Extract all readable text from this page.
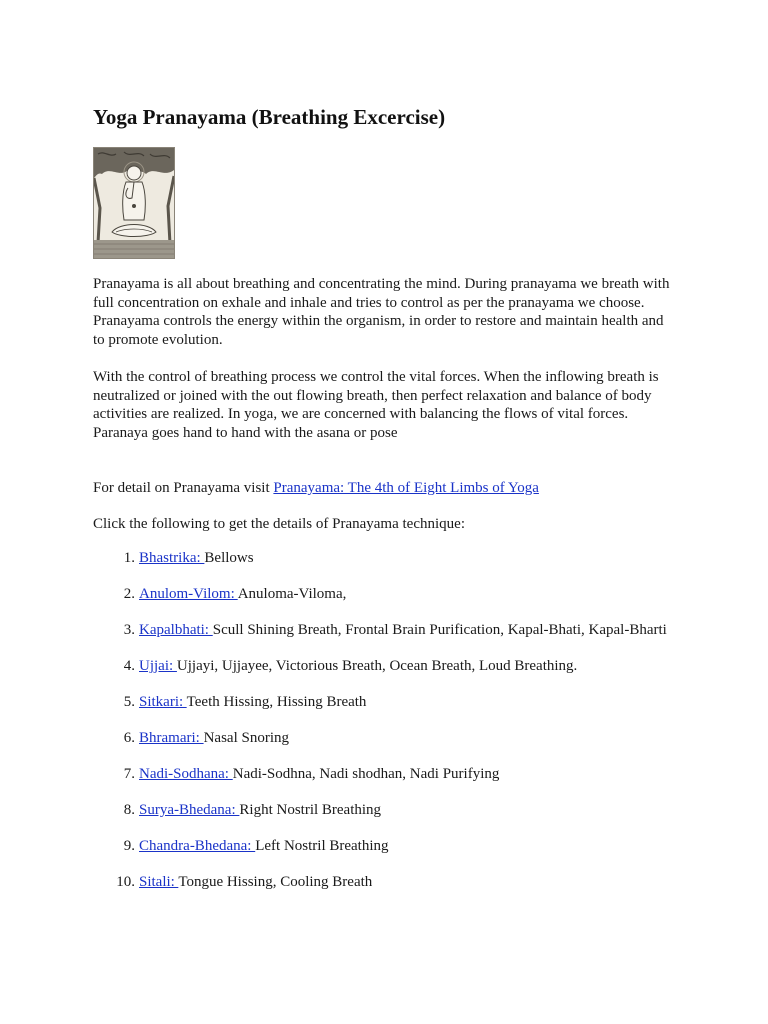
Yoga Pranayama (Breathing Excercise)

Pranayama is all about breathing and concentrating the mind. During pranayama we breath with full concentration on exhale and inhale and tries to control as per the pranayama we choose. Pranayama controls the energy within the organism, in order to restore and maintain health and to promote evolution.

With the control of breathing process we control the vital forces. When the inflowing breath is neutralized or joined with the out flowing breath, then perfect relaxation and balance of body activities are realized. In yoga, we are concerned with balancing the flows of vital forces.
Paranaya goes hand to hand with the asana or pose

For detail on Pranayama visit Pranayama: The 4th of Eight Limbs of Yoga

Click the following to get the details of Pranayama technique:

1. Bhastrika: Bellows
2. Anulom-Vilom: Anuloma-Viloma,
3. Kapalbhati: Scull Shining Breath, Frontal Brain Purification, Kapal-Bhati, Kapal-Bharti
4. Ujjai: Ujjayi, Ujjayee, Victorious Breath, Ocean Breath, Loud Breathing.
5. Sitkari: Teeth Hissing, Hissing Breath
6. Bhramari: Nasal Snoring
7. Nadi-Sodhana: Nadi-Sodhna, Nadi shodhan, Nadi Purifying
8. Surya-Bhedana: Right Nostril Breathing
9. Chandra-Bhedana: Left Nostril Breathing
10. Sitali: Tongue Hissing, Cooling Breath
